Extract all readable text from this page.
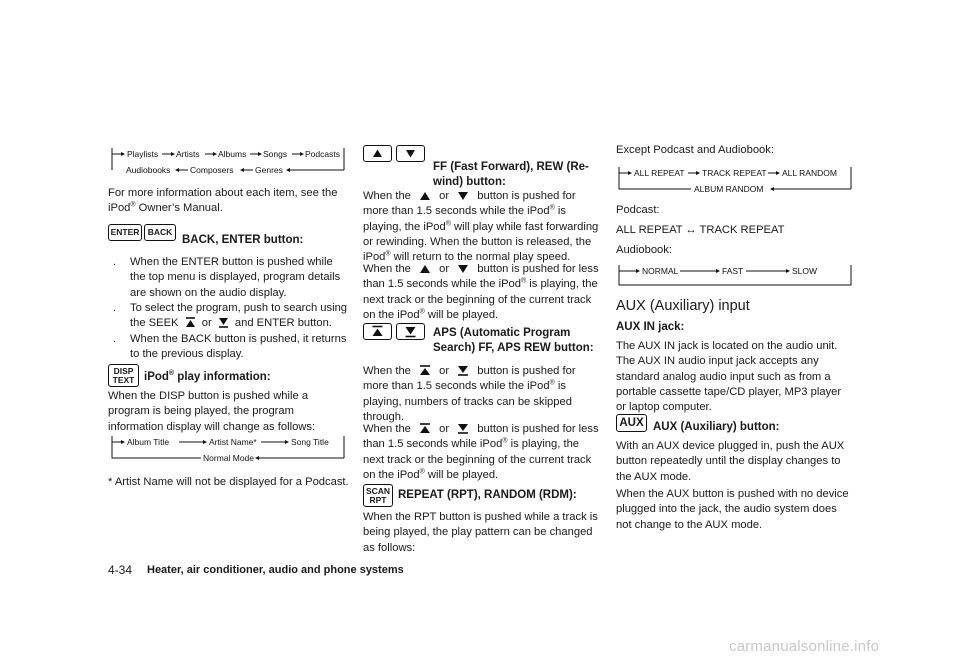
Playlists Artists Albums Songs Podcasts
Audiobooks Composers	Genres

For more information about each item, see the iPod® Owner’s Manual.

ENTER BACK
BACK, ENTER button:
. When the ENTER button is pushed while the top menu is displayed, program details are shown on the audio display.

. To select the program, push to search using the SEEK or and ENTER button.

. When the BACK button is pushed, it returns to the previous display.

DISP
TEXT iPod® play information:

When the DISP button is pushed while a program is being played, the program information display will change as follows:

Album Title	Artist Name*	Song Title
Normal Mode

* Artist Name will not be displayed for a Podcast.

FF (Fast Forward), REW (Re-
wind) button:

When the	or	button is pushed for more than 1.5 seconds while the iPod® is playing, the iPod® will play while fast forwarding or rewinding. When the button is released, the iPod® will return to the normal play speed.

When the	or	button is pushed for less than 1.5 seconds while the iPod® is playing, the next track or the beginning of the current track on the iPod® will be played.

APS (Automatic Program
Search) FF, APS REW button:

When the	or	button is pushed for more than 1.5 seconds while the iPod® is playing, numbers of tracks can be skipped through.

When the	or	button is pushed for less than 1.5 seconds while iPod® is playing, the next track or the beginning of the current track on the iPod® will be played.

SCAN
RPT REPEAT (RPT), RANDOM (RDM):

When the RPT button is pushed while a track is being played, the play pattern can be changed as follows:

Except Podcast and Audiobook:

ALL REPEAT TRACK REPEAT ALL RANDOM
ALBUM RANDOM

Podcast:

ALL REPEAT ↔ TRACK REPEAT

Audiobook:

NORMAL	FAST	SLOW
AUX (Auxiliary) input
AUX IN jack:

The AUX IN jack is located on the audio unit. The AUX IN audio input jack accepts any standard analog audio input such as from a portable cassette tape/CD player, MP3 player or laptop computer.

AUX AUX (Auxiliary) button:

With an AUX device plugged in, push the AUX button repeatedly until the display changes to the AUX mode.

When the AUX button is pushed with no device plugged into the jack, the audio system does not change to the AUX mode.

4-34 Heater, air conditioner, audio and phone systems
carmanualsonline.info
